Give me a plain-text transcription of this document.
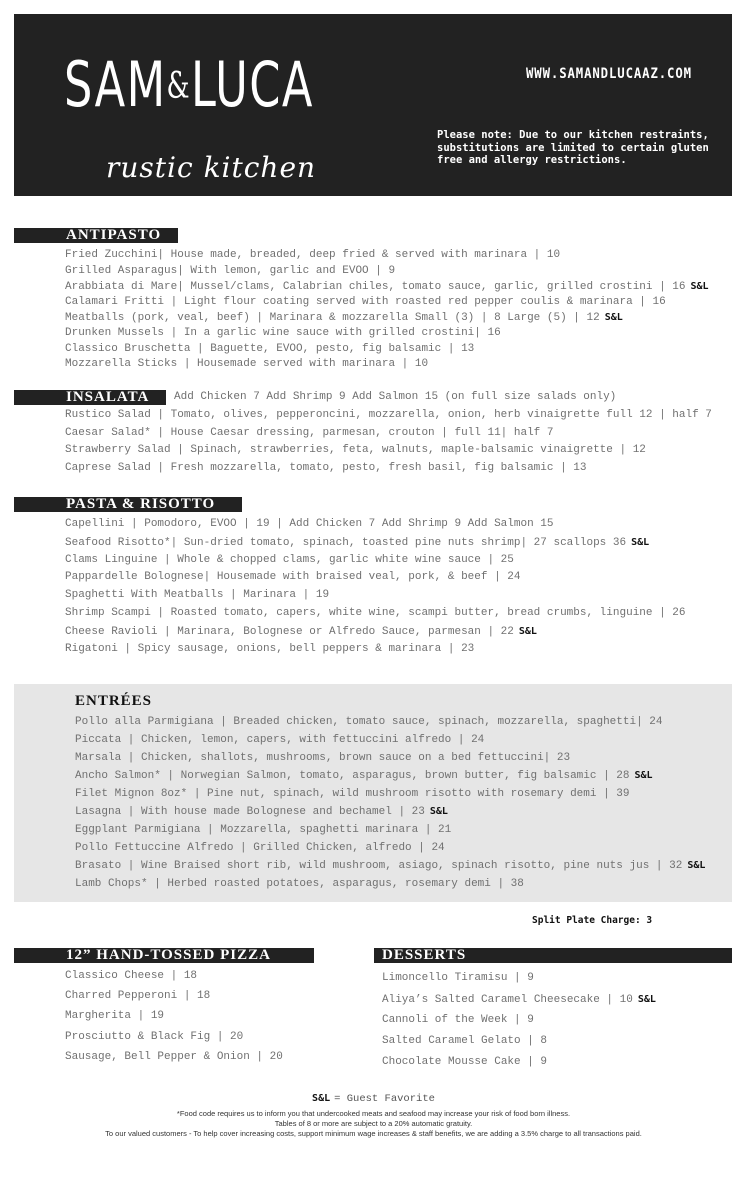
SAM&LUCA
rustic kitchen
WWW.SAMANDLUCAAZ.COM
Please note: Due to our kitchen restraints, substitutions are limited to certain gluten free and allergy restrictions.
ANTIPASTO
Fried Zucchini| House made, breaded, deep fried & served with marinara | 10
Grilled Asparagus| With lemon, garlic and EVOO | 9
Arabbiata di Mare| Mussel/clams, Calabrian chiles, tomato sauce, garlic, grilled crostini | 16 S&L
Calamari Fritti | Light flour coating served with roasted red pepper coulis & marinara | 16
Meatballs (pork, veal, beef) | Marinara & mozzarella Small (3) | 8 Large (5) | 12 S&L
Drunken Mussels | In a garlic wine sauce with grilled crostini| 16
Classico Bruschetta | Baguette, EVOO, pesto, fig balsamic | 13
Mozzarella Sticks | Housemade served with marinara | 10
INSALATA Add Chicken 7 Add Shrimp 9 Add Salmon 15 (on full size salads only)
Rustico Salad | Tomato, olives, pepperoncini, mozzarella, onion, herb vinaigrette full 12 | half 7
Caesar Salad* | House Caesar dressing, parmesan, crouton | full 11| half 7
Strawberry Salad | Spinach, strawberries, feta, walnuts, maple-balsamic vinaigrette | 12
Caprese Salad | Fresh mozzarella, tomato, pesto, fresh basil, fig balsamic | 13
PASTA & RISOTTO
Capellini | Pomodoro, EVOO | 19 | Add Chicken 7 Add Shrimp 9 Add Salmon 15
Seafood Risotto*| Sun-dried tomato, spinach, toasted pine nuts shrimp| 27 scallops 36 S&L
Clams Linguine | Whole & chopped clams, garlic white wine sauce | 25
Pappardelle Bolognese| Housemade with braised veal, pork, & beef | 24
Spaghetti With Meatballs | Marinara | 19
Shrimp Scampi | Roasted tomato, capers, white wine, scampi butter, bread crumbs, linguine | 26
Cheese Ravioli | Marinara, Bolognese or Alfredo Sauce, parmesan | 22 S&L
Rigatoni | Spicy sausage, onions, bell peppers & marinara | 23
ENTRÉES
Pollo alla Parmigiana | Breaded chicken, tomato sauce, spinach, mozzarella, spaghetti| 24
Piccata | Chicken, lemon, capers, with fettuccini alfredo | 24
Marsala | Chicken, shallots, mushrooms, brown sauce on a bed fettuccini| 23
Ancho Salmon* | Norwegian Salmon, tomato, asparagus, brown butter, fig balsamic | 28 S&L
Filet Mignon 8oz* | Pine nut, spinach, wild mushroom risotto with rosemary demi | 39
Lasagna | With house made Bolognese and bechamel | 23 S&L
Eggplant Parmigiana | Mozzarella, spaghetti marinara | 21
Pollo Fettuccine Alfredo | Grilled Chicken, alfredo | 24
Brasato | Wine Braised short rib, wild mushroom, asiago, spinach risotto, pine nuts jus | 32 S&L
Lamb Chops* | Herbed roasted potatoes, asparagus, rosemary demi | 38
Split Plate Charge: 3
12” HAND-TOSSED PIZZA
Classico Cheese | 18
Charred Pepperoni | 18
Margherita | 19
Prosciutto & Black Fig | 20
Sausage, Bell Pepper & Onion | 20
DESSERTS
Limoncello Tiramisu | 9
Aliya’s Salted Caramel Cheesecake | 10 S&L
Cannoli of the Week | 9
Salted Caramel Gelato | 8
Chocolate Mousse Cake | 9
S&L = Guest Favorite
*Food code requires us to inform you that undercooked meats and seafood may increase your risk of food born illness.
Tables of 8 or more are subject to a 20% automatic gratuity.
To our valued customers - To help cover increasing costs, support minimum wage increases & staff benefits, we are adding a 3.5% charge to all transactions paid.
